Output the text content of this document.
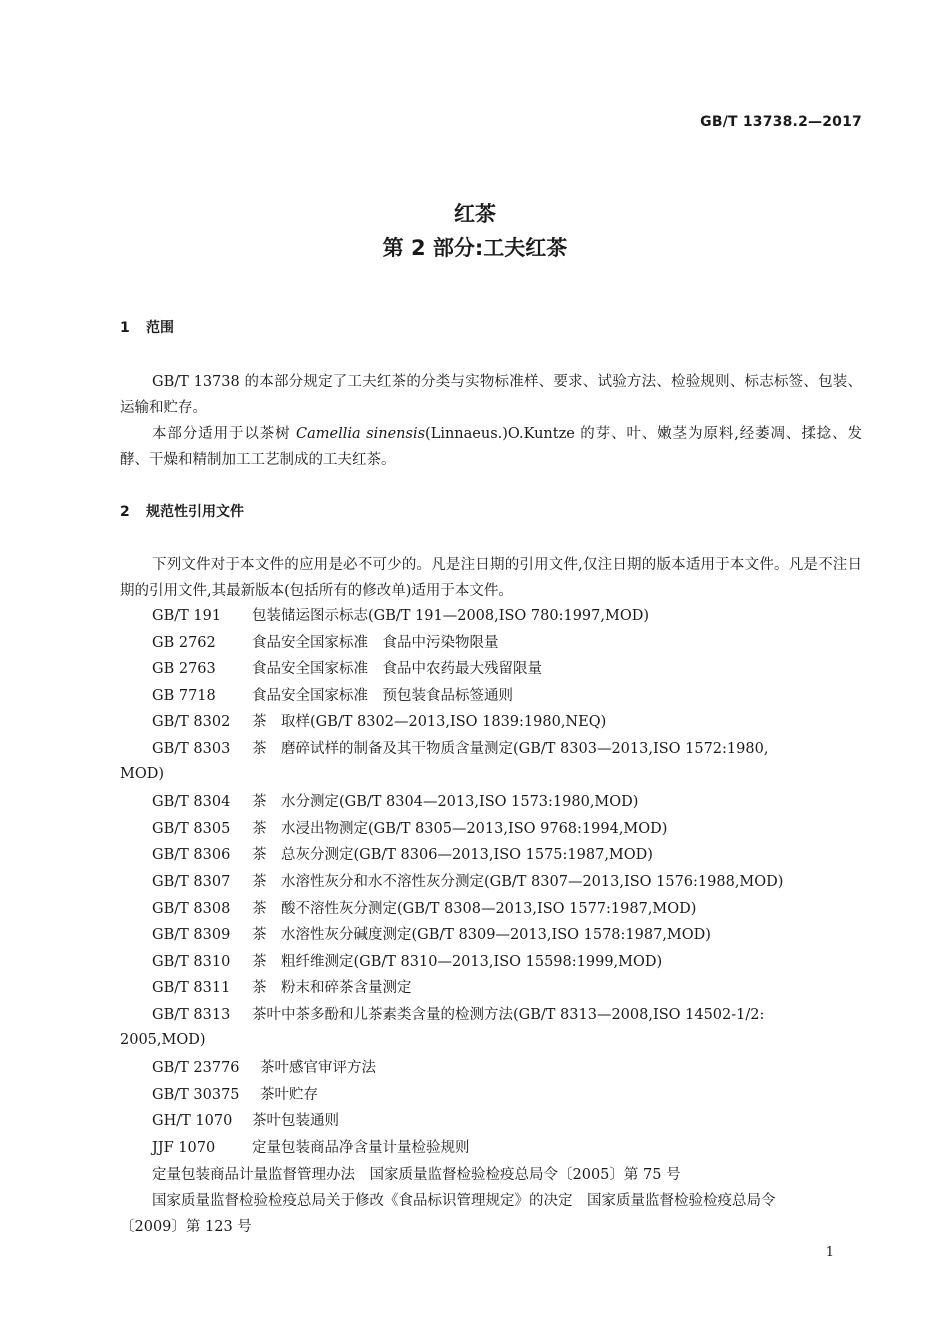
GB/T 13738.2—2017
红茶
第 2 部分:工夫红茶
1 范围
GB/T 13738 的本部分规定了工夫红茶的分类与实物标准样、要求、试验方法、检验规则、标志标签、包装、运输和贮存。
本部分适用于以茶树 Camellia sinensis(Linnaeus.)O.Kuntze 的芽、叶、嫩茎为原料,经萎凋、揉捻、发酵、干燥和精制加工工艺制成的工夫红茶。
2 规范性引用文件
下列文件对于本文件的应用是必不可少的。凡是注日期的引用文件,仅注日期的版本适用于本文件。凡是不注日期的引用文件,其最新版本(包括所有的修改单)适用于本文件。
GB/T 191 包装储运图示标志(GB/T 191—2008,ISO 780:1997,MOD)
GB 2762	食品安全国家标准　食品中污染物限量
GB 2763	食品安全国家标准　食品中农药最大残留限量
GB 7718	食品安全国家标准　预包装食品标签通则
GB/T 8302 茶　取样(GB/T 8302—2013,ISO 1839:1980,NEQ)
GB/T 8303 茶　磨碎试样的制备及其干物质含量测定(GB/T 8303—2013,ISO 1572:1980,
MOD)
GB/T 8304 茶　水分测定(GB/T 8304—2013,ISO 1573:1980,MOD)
GB/T 8305 茶　水浸出物测定(GB/T 8305—2013,ISO 9768:1994,MOD)
GB/T 8306 茶　总灰分测定(GB/T 8306—2013,ISO 1575:1987,MOD)
GB/T 8307 茶　水溶性灰分和水不溶性灰分测定(GB/T 8307—2013,ISO 1576:1988,MOD)
GB/T 8308 茶　酸不溶性灰分测定(GB/T 8308—2013,ISO 1577:1987,MOD)
GB/T 8309 茶　水溶性灰分碱度测定(GB/T 8309—2013,ISO 1578:1987,MOD)
GB/T 8310 茶　粗纤维测定(GB/T 8310—2013,ISO 15598:1999,MOD)
GB/T 8311 茶　粉末和碎茶含量测定
GB/T 8313 茶叶中茶多酚和儿茶素类含量的检测方法(GB/T 8313—2008,ISO 14502-1/2:
2005,MOD)
GB/T 23776 茶叶感官审评方法
GB/T 30375 茶叶贮存
GH/T 1070 茶叶包装通则
JJF 1070	定量包装商品净含量计量检验规则
定量包装商品计量监督管理办法　国家质量监督检验检疫总局令〔2005〕第 75 号
国家质量监督检验检疫总局关于修改《食品标识管理规定》的决定　国家质量监督检验检疫总局令
〔2009〕第 123 号
1
